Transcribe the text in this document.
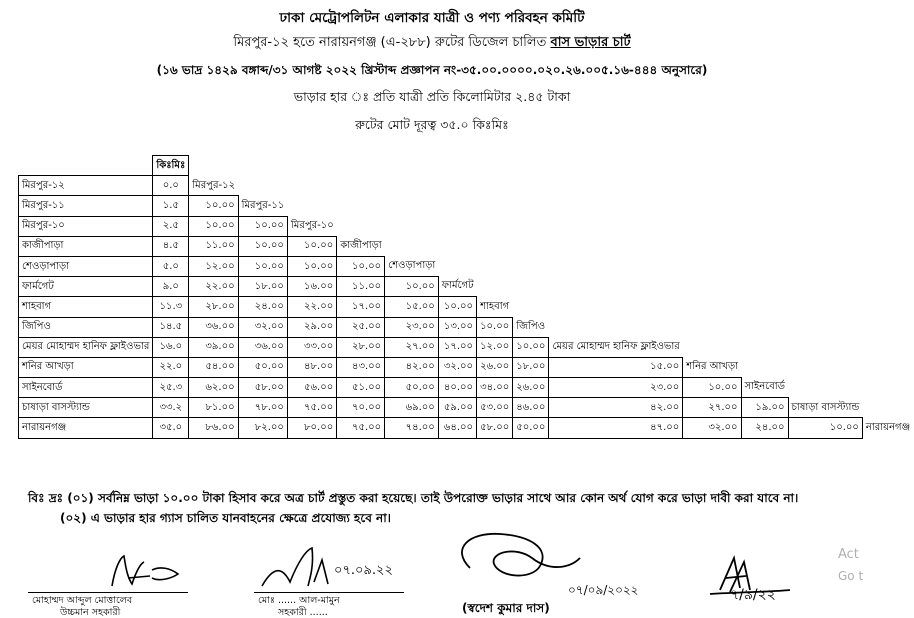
ঢাকা মেট্রোপলিটন এলাকার যাত্রী ও পণ্য পরিবহন কমিটি
মিরপুর-১২ হতে নারায়নগঞ্জ (এ-২৮৮) রুটের ডিজেল চালিত বাস ভাড়ার চার্ট
(১৬ ভাদ্র ১৪২৯ বঙ্গাব্দ/৩১ আগষ্ট ২০২২ খ্রিস্টাব্দ প্রজ্ঞাপন নং-৩৫.০০.০০০০.০২০.২৬.০০৫.১৬-৪৪৪ অনুসারে)
ভাড়ার হার ঃ প্রতি যাত্রী প্রতি কিলোমিটার ২.৪৫ টাকা
রুটের মোট দূরত্ব ৩৫.০ কিঃমিঃ
	কিঃমিঃ													
মিরপুর-১২	০.০	মিরপুর-১২												
মিরপুর-১১	১.৫	১০.০০	মিরপুর-১১											
মিরপুর-১০	২.৫	১০.০০	১০.০০	মিরপুর-১০										
কাজীপাড়া	৪.৫	১১.০০	১০.০০	১০.০০	কাজীপাড়া									
শেওড়াপাড়া	৫.০	১২.০০	১০.০০	১০.০০	১০.০০	শেওড়াপাড়া								
ফার্মগেট	৯.০	২২.০০	১৮.০০	১৬.০০	১১.০০	১০.০০	ফার্মগেট							
শাহবাগ	১১.৩	২৮.০০	২৪.০০	২২.০০	১৭.০০	১৫.০০	১০.০০	শাহবাগ						
জিপিও	১৪.৫	৩৬.০০	৩২.০০	২৯.০০	২৫.০০	২৩.০০	১৩.০০	১০.০০	জিপিও					
মেয়র মোহাম্মদ হানিফ ফ্লাইওভার	১৬.০	৩৯.০০	৩৬.০০	৩৩.০০	২৮.০০	২৭.০০	১৭.০০	১২.০০	১০.০০	মেয়র মোহাম্মদ হানিফ ফ্লাইওভার				
শনির আখড়া	২২.০	৫৪.০০	৫০.০০	৪৮.০০	৪৩.০০	৪২.০০	৩২.০০	২৬.০০	১৮.০০	১৫.০০	শনির আখড়া			
সাইনবোর্ড	২৫.৩	৬২.০০	৫৮.০০	৫৬.০০	৫১.০০	৫০.০০	৪০.০০	৩৪.০০	২৬.০০	২৩.০০	১০.০০	সাইনবোর্ড		
চাষাড়া বাসস্ট্যান্ড	৩৩.২	৮১.০০	৭৮.০০	৭৫.০০	৭০.০০	৬৯.০০	৫৯.০০	৫৩.০০	৪৬.০০	৪২.০০	২৭.০০	১৯.০০	চাষাড়া বাসস্ট্যান্ড	
নারায়নগঞ্জ	৩৫.০	৮৬.০০	৮২.০০	৮০.০০	৭৫.০০	৭৪.০০	৬৪.০০	৫৮.০০	৫০.০০	৪৭.০০	৩২.০০	২৪.০০	১০.০০	নারায়নগঞ্জ
বিঃ দ্রঃ (০১) সর্বনিম্ন ভাড়া ১০.০০ টাকা হিসাব করে অত্র চার্ট প্রস্তুত করা হয়েছে। তাই উপরোক্ত ভাড়ার সাথে আর কোন অর্থ যোগ করে ভাড়া দাবী করা যাবে না।
(০২) এ ভাড়ার হার গ্যাস চালিত যানবাহনের ক্ষেত্রে প্রযোজ্য হবে না।
মোহাম্মদ আব্দুল মোত্তালেব
উচ্চমান সহকারী
০৭.০৯.২২
মোঃ ...... আল-মামুন
সহকারী ......
০৭/০৯/২০২২
(স্বদেশ কুমার দাস)
৭/৯/২২
Act
Go t
